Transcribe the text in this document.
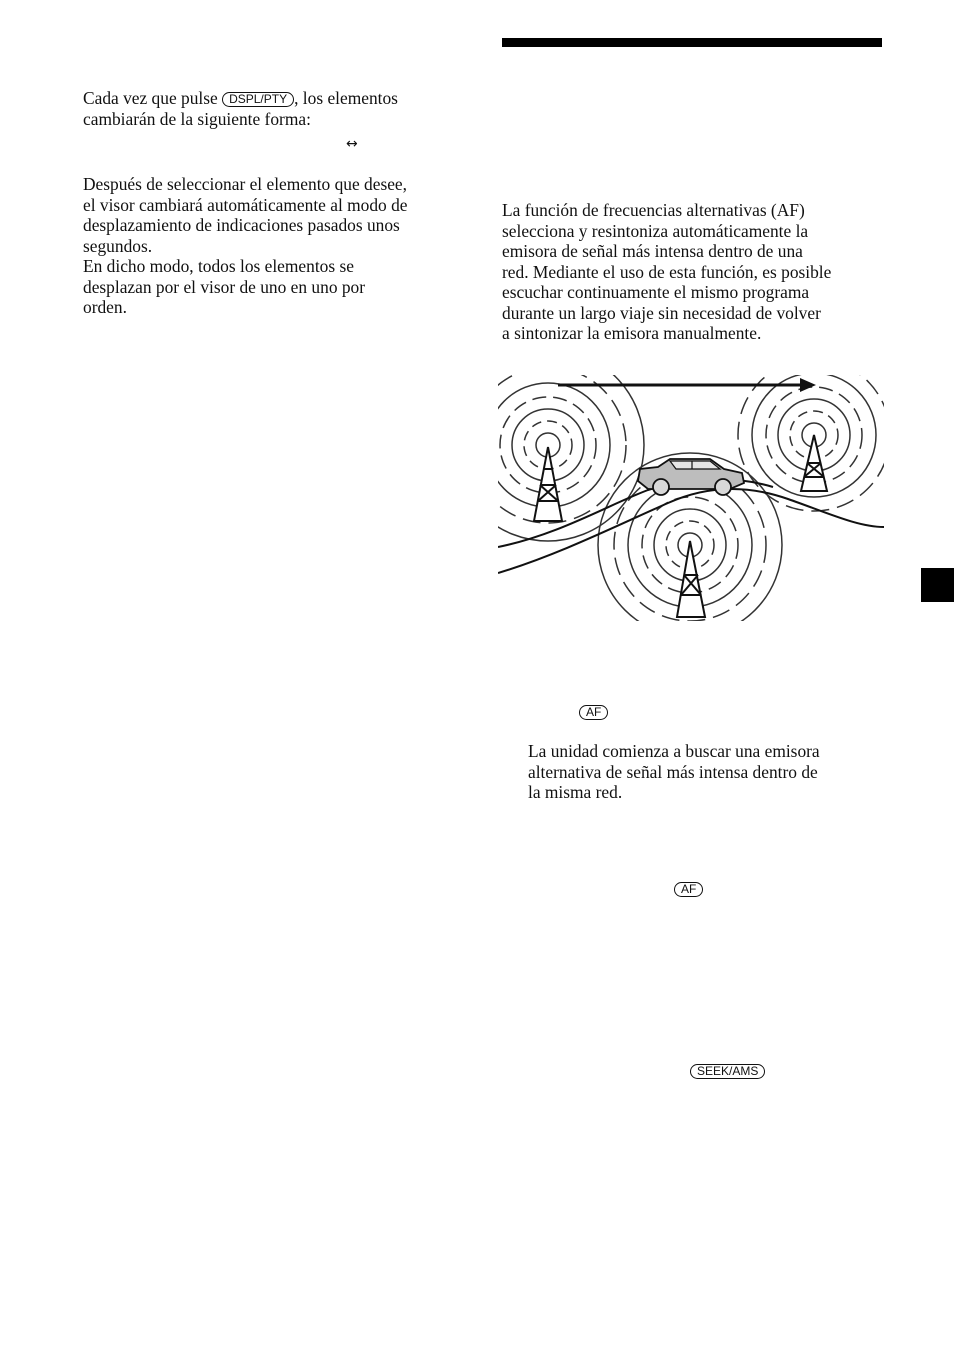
Cada vez que pulse DSPL/PTY , los elementos
cambiarán de la siguiente forma:
↔
Después de seleccionar el elemento que desee,
el visor cambiará automáticamente al modo de
desplazamiento de indicaciones pasados unos
segundos.
En dicho modo, todos los elementos se
desplazan por el visor de uno en uno por
orden.
La función de frecuencias alternativas (AF)
selecciona y resintoniza automáticamente la
emisora de señal más intensa dentro de una
red. Mediante el uso de esta función, es posible
escuchar continuamente el mismo programa
durante un largo viaje sin necesidad de volver
a sintonizar la emisora manualmente.
AF
La unidad comienza a buscar una emisora
alternativa de señal más intensa dentro de
la misma red.
AF
SEEK/AMS
